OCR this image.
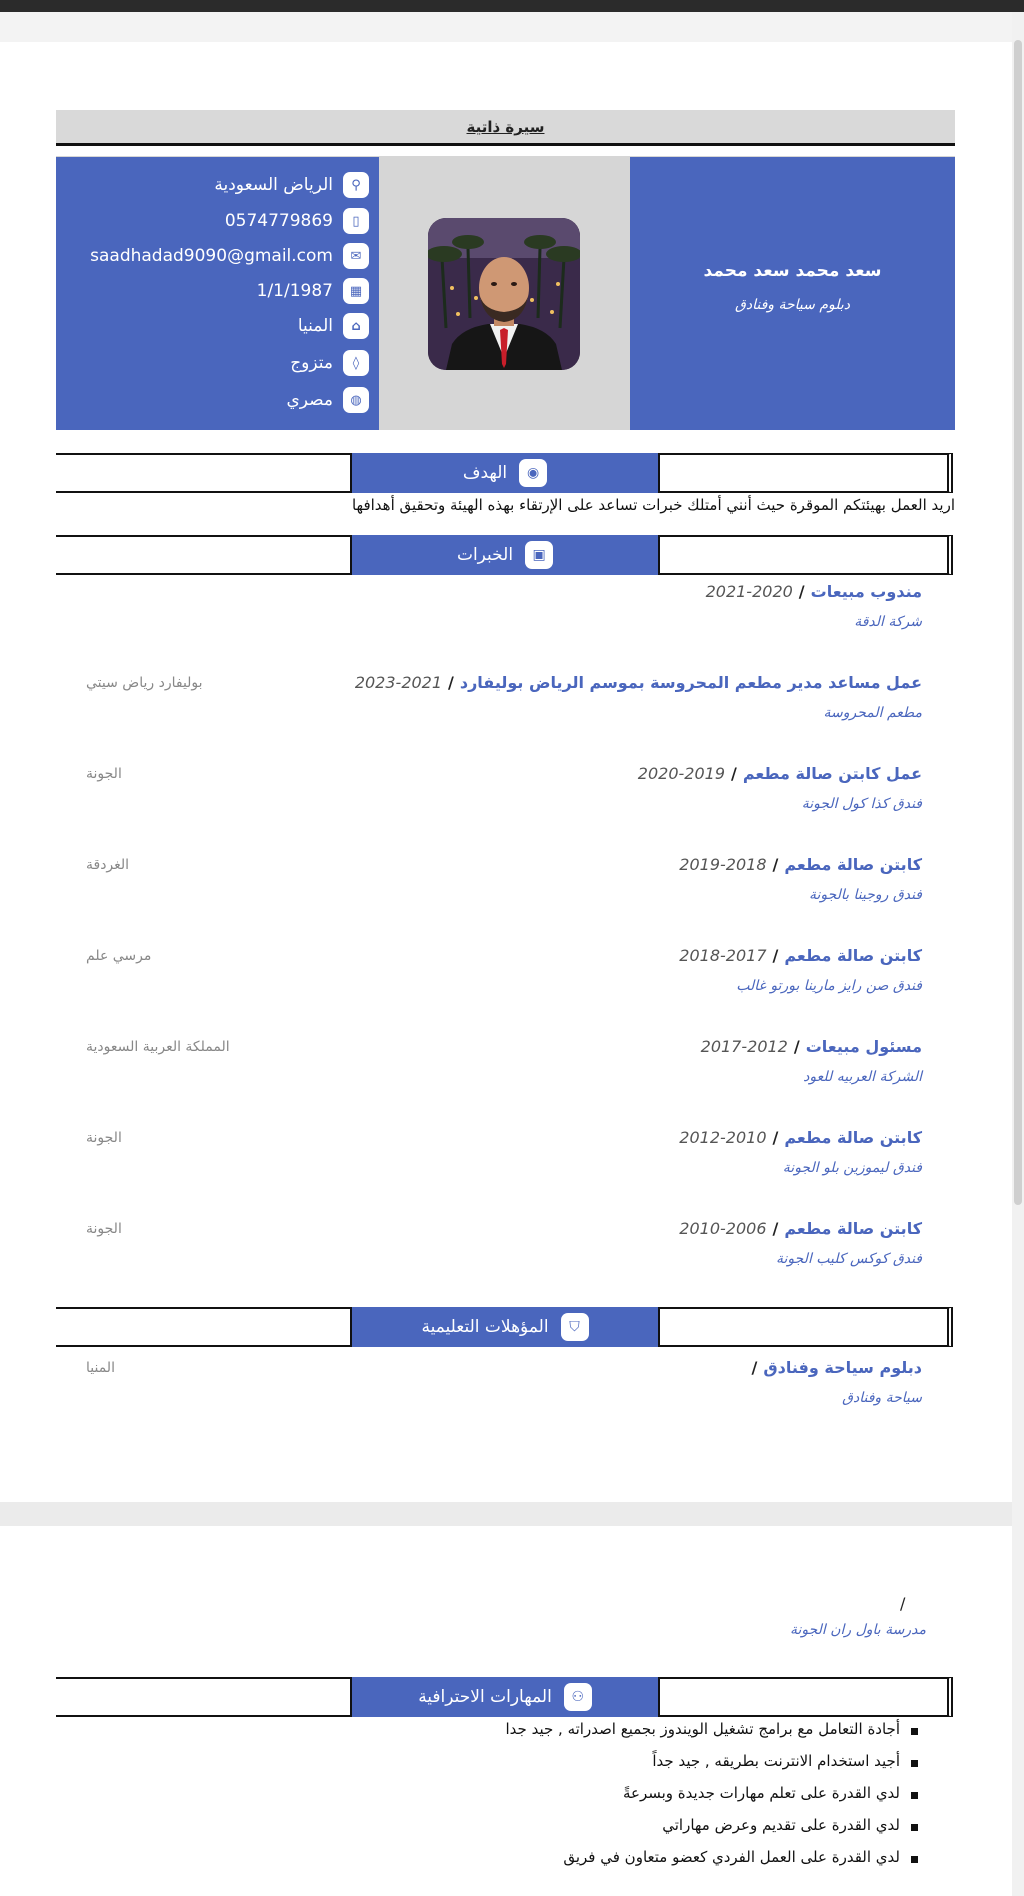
سيرة ذاتية
سعد محمد سعد محمد
دبلوم سياحة وفنادق
الرياض السعودية	⚲
0574779869	▯
saadhadad9090@gmail.com	✉
1/1/1987	▦
المنيا	⌂
متزوج	◊
مصري	◍
الهدف	◉
اريد العمل بهيئتكم الموقرة حيث أنني أمتلك خبرات تساعد على الإرتقاء بهذه الهيئة وتحقيق أهدافها
الخبرات	▣
مندوب مبيعات/2020-2021
شركة الدقة
عمل مساعد مدير مطعم المحروسة بموسم الرياض بوليفارد/2021-2023
مطعم المحروسة
بوليفارد رياض سيتي
عمل كابتن صالة مطعم/2019-2020
فندق كذا كول الجونة
الجونة
كابتن صالة مطعم/2018-2019
فندق روجينا بالجونة
الغردقة
كابتن صالة مطعم/2017-2018
فندق صن رايز مارينا بورتو غالب
مرسي علم
مسئول مبيعات/2012-2017
الشركة العربيه للعود
المملكة العربية السعودية
كابتن صالة مطعم/2010-2012
فندق ليموزين بلو الجونة
الجونة
كابتن صالة مطعم/2006-2010
فندق كوكس كليب الجونة
الجونة
المؤهلات التعليمية	⛉
دبلوم سياحة وفنادق/
سياحة وفنادق
المنيا
/
مدرسة باول ران الجونة
المهارات الاحترافية	⚇
أجادة التعامل مع برامج تشغيل الويندوز بجميع اصدراته , جيد جدا
أجيد استخدام الانترنت بطريقه , جيد جداً
لدي القدرة على تعلم مهارات جديدة وبسرعةً
لدي القدرة على تقديم وعرض مهاراتي
لدي القدرة على العمل الفردي كعضو متعاون في فريق
